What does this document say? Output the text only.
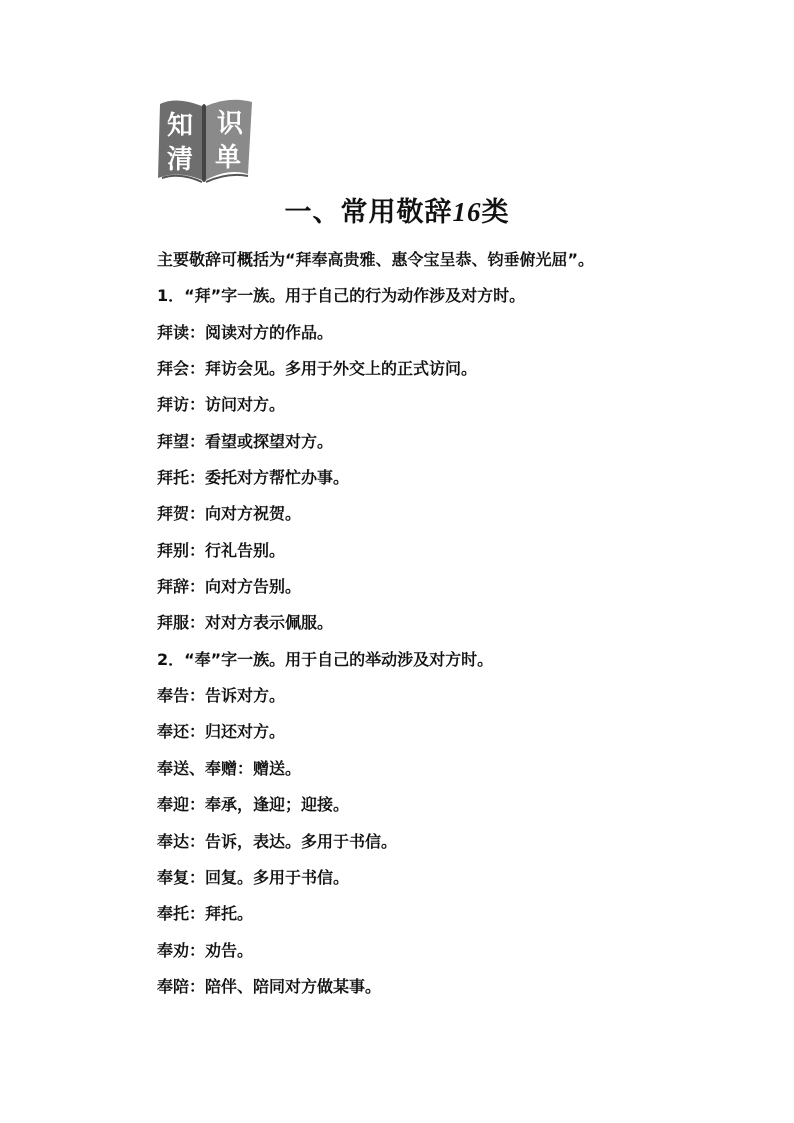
知 识
清 单
一、常用敬辞16类
主要敬辞可概括为“拜奉高贵雅、惠令宝呈恭、钧垂俯光屈”。
1．“拜”字一族。用于自己的行为动作涉及对方时。
拜读：阅读对方的作品。
拜会：拜访会见。多用于外交上的正式访问。
拜访：访问对方。
拜望：看望或探望对方。
拜托：委托对方帮忙办事。
拜贺：向对方祝贺。
拜别：行礼告别。
拜辞：向对方告别。
拜服：对对方表示佩服。
2．“奉”字一族。用于自己的举动涉及对方时。
奉告：告诉对方。
奉还：归还对方。
奉送、奉赠：赠送。
奉迎：奉承，逢迎；迎接。
奉达：告诉，表达。多用于书信。
奉复：回复。多用于书信。
奉托：拜托。
奉劝：劝告。
奉陪：陪伴、陪同对方做某事。
